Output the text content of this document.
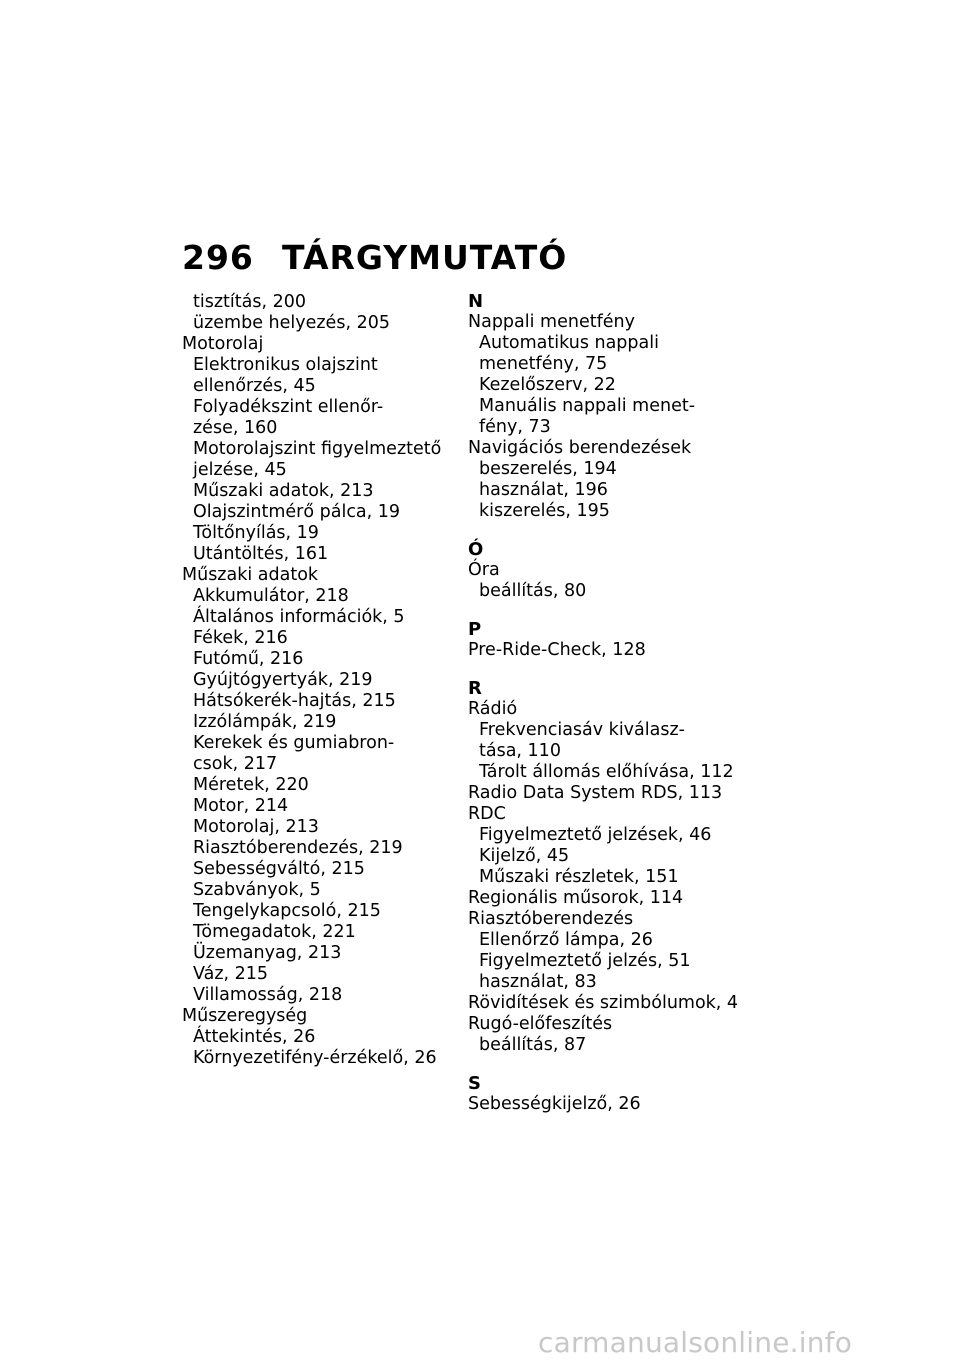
296 TÁRGYMUTATÓ
tisztítás, 200
üzembe helyezés, 205
Motorolaj
Elektronikus olajszint
ellenőrzés, 45
Folyadékszint ellenőr-
zése, 160
Motorolajszint figyelmeztető
jelzése, 45
Műszaki adatok, 213
Olajszintmérő pálca, 19
Töltőnyílás, 19
Utántöltés, 161
Műszaki adatok
Akkumulátor, 218
Általános információk, 5
Fékek, 216
Futómű, 216
Gyújtógyertyák, 219
Hátsókerék-hajtás, 215
Izzólámpák, 219
Kerekek és gumiabron-
csok, 217
Méretek, 220
Motor, 214
Motorolaj, 213
Riasztóberendezés, 219
Sebességváltó, 215
Szabványok, 5
Tengelykapcsoló, 215
Tömegadatok, 221
Üzemanyag, 213
Váz, 215
Villamosság, 218
Műszeregység
Áttekintés, 26
Környezetifény-érzékelő, 26
N
Nappali menetfény
Automatikus nappali
menetfény, 75
Kezelőszerv, 22
Manuális nappali menet-
fény, 73
Navigációs berendezések
beszerelés, 194
használat, 196
kiszerelés, 195
Ó
Óra
beállítás, 80
P
Pre-Ride-Check, 128
R
Rádió
Frekvenciasáv kiválasz-
tása, 110
Tárolt állomás előhívása, 112
Radio Data System RDS, 113
RDC
Figyelmeztető jelzések, 46
Kijelző, 45
Műszaki részletek, 151
Regionális műsorok, 114
Riasztóberendezés
Ellenőrző lámpa, 26
Figyelmeztető jelzés, 51
használat, 83
Rövidítések és szimbólumok, 4
Rugó-előfeszítés
beállítás, 87
S
Sebességkijelző, 26
carmanualsonline.info
